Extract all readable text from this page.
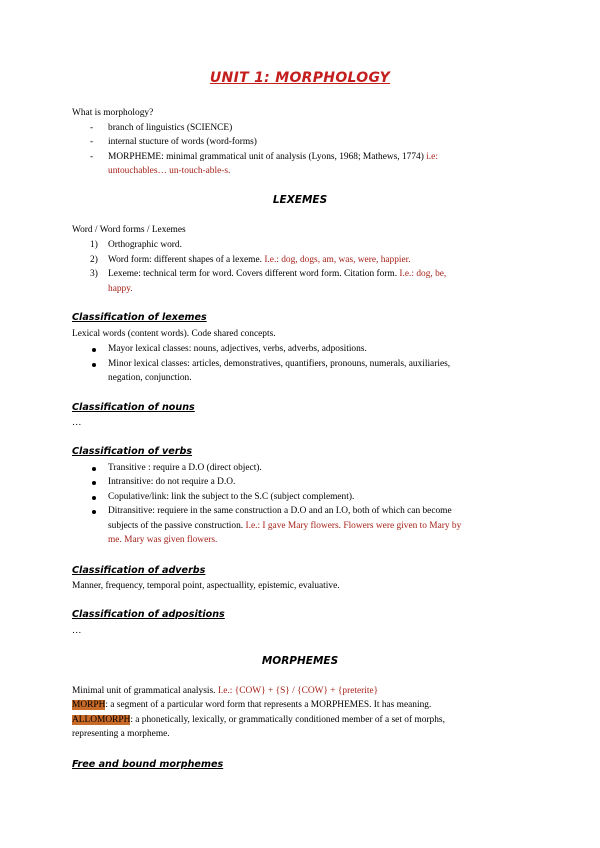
UNIT 1: MORPHOLOGY
What is morphology?
- branch of linguistics (SCIENCE)
- internal stucture of words (word-forms)
- MORPHEME: minimal grammatical unit of analysis (Lyons, 1968; Mathews, 1774) i.e:
untouchables… un-touch-able-s.
LEXEMES
Word / Word forms / Lexemes
1) Orthographic word.
2) Word form: different shapes of a lexeme. I.e.: dog, dogs, am, was, were, happier.
3) Lexeme: technical term for word. Covers different word form. Citation form. I.e.: dog, be,
happy.
Classification of lexemes
Lexical words (content words). Code shared concepts.
Mayor lexical classes: nouns, adjectives, verbs, adverbs, adpositions.
Minor lexical classes: articles, demonstratives, quantifiers, pronouns, numerals, auxiliaries,
negation, conjunction.
Classification of nouns
…
Classification of verbs
Transitive : require a D.O (direct object).
Intransitive: do not require a D.O.
Copulative/link: link the subject to the S.C (subject complement).
Ditransitive: requiere in the same construction a D.O and an I.O, both of which can become
subjects of the passive construction. I.e.: I gave Mary flowers. Flowers were given to Mary by
me. Mary was given flowers.
Classification of adverbs
Manner, frequency, temporal point, aspectuallity, epistemic, evaluative.
Classification of adpositions
…
MORPHEMES
Minimal unit of grammatical analysis. I.e.: {COW} + {S} / {COW} + {preterite}
MORPH: a segment of a particular word form that represents a MORPHEMES. It has meaning.
ALLOMORPH: a phonetically, lexically, or grammatically conditioned member of a set of morphs,
representing a morpheme.
Free and bound morphemes
